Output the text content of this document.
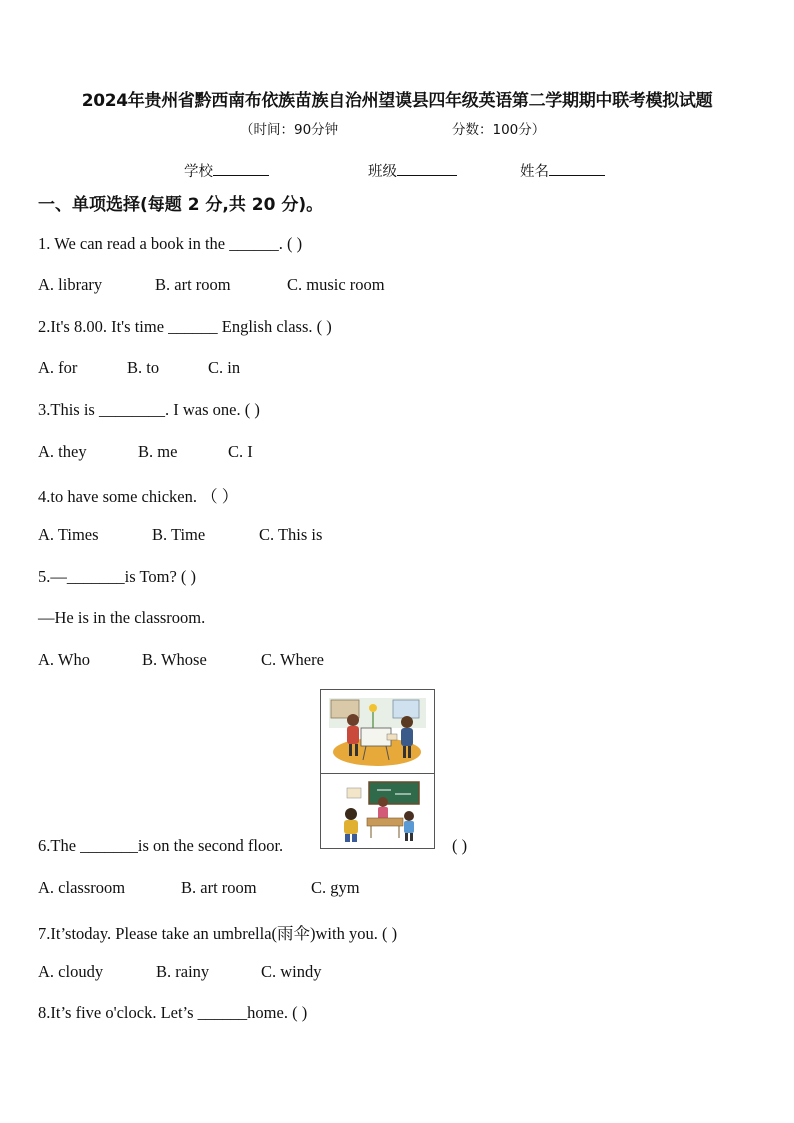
2024年贵州省黔西南布依族苗族自治州望谟县四年级英语第二学期期中联考模拟试题
（时间：90分钟	分数：100分）
学校	班级	姓名
一、单项选择(每题 2 分,共 20 分)。
1. We can read a book in the ______. ( )
A. library	B. art room	C. music room
2.It's 8.00. It's time ______ English class. ( )
A. for	B. to	C. in
3.This is ________. I was one. ( )
A. they	B. me	C. I
4.to have some chicken. （ ）
A. Times	B. Time	C. This is
5.—_______is Tom? ( )
—He is in the classroom.
A. Who	B. Whose	C. Where
6.The _______is on the second floor.	( )
A. classroom	B. art room	C. gym
7.It’stoday. Please take an umbrella(雨伞)with you. ( )
A. cloudy	B. rainy	C. windy
8.It’s five o'clock. Let’s ______home. ( )
